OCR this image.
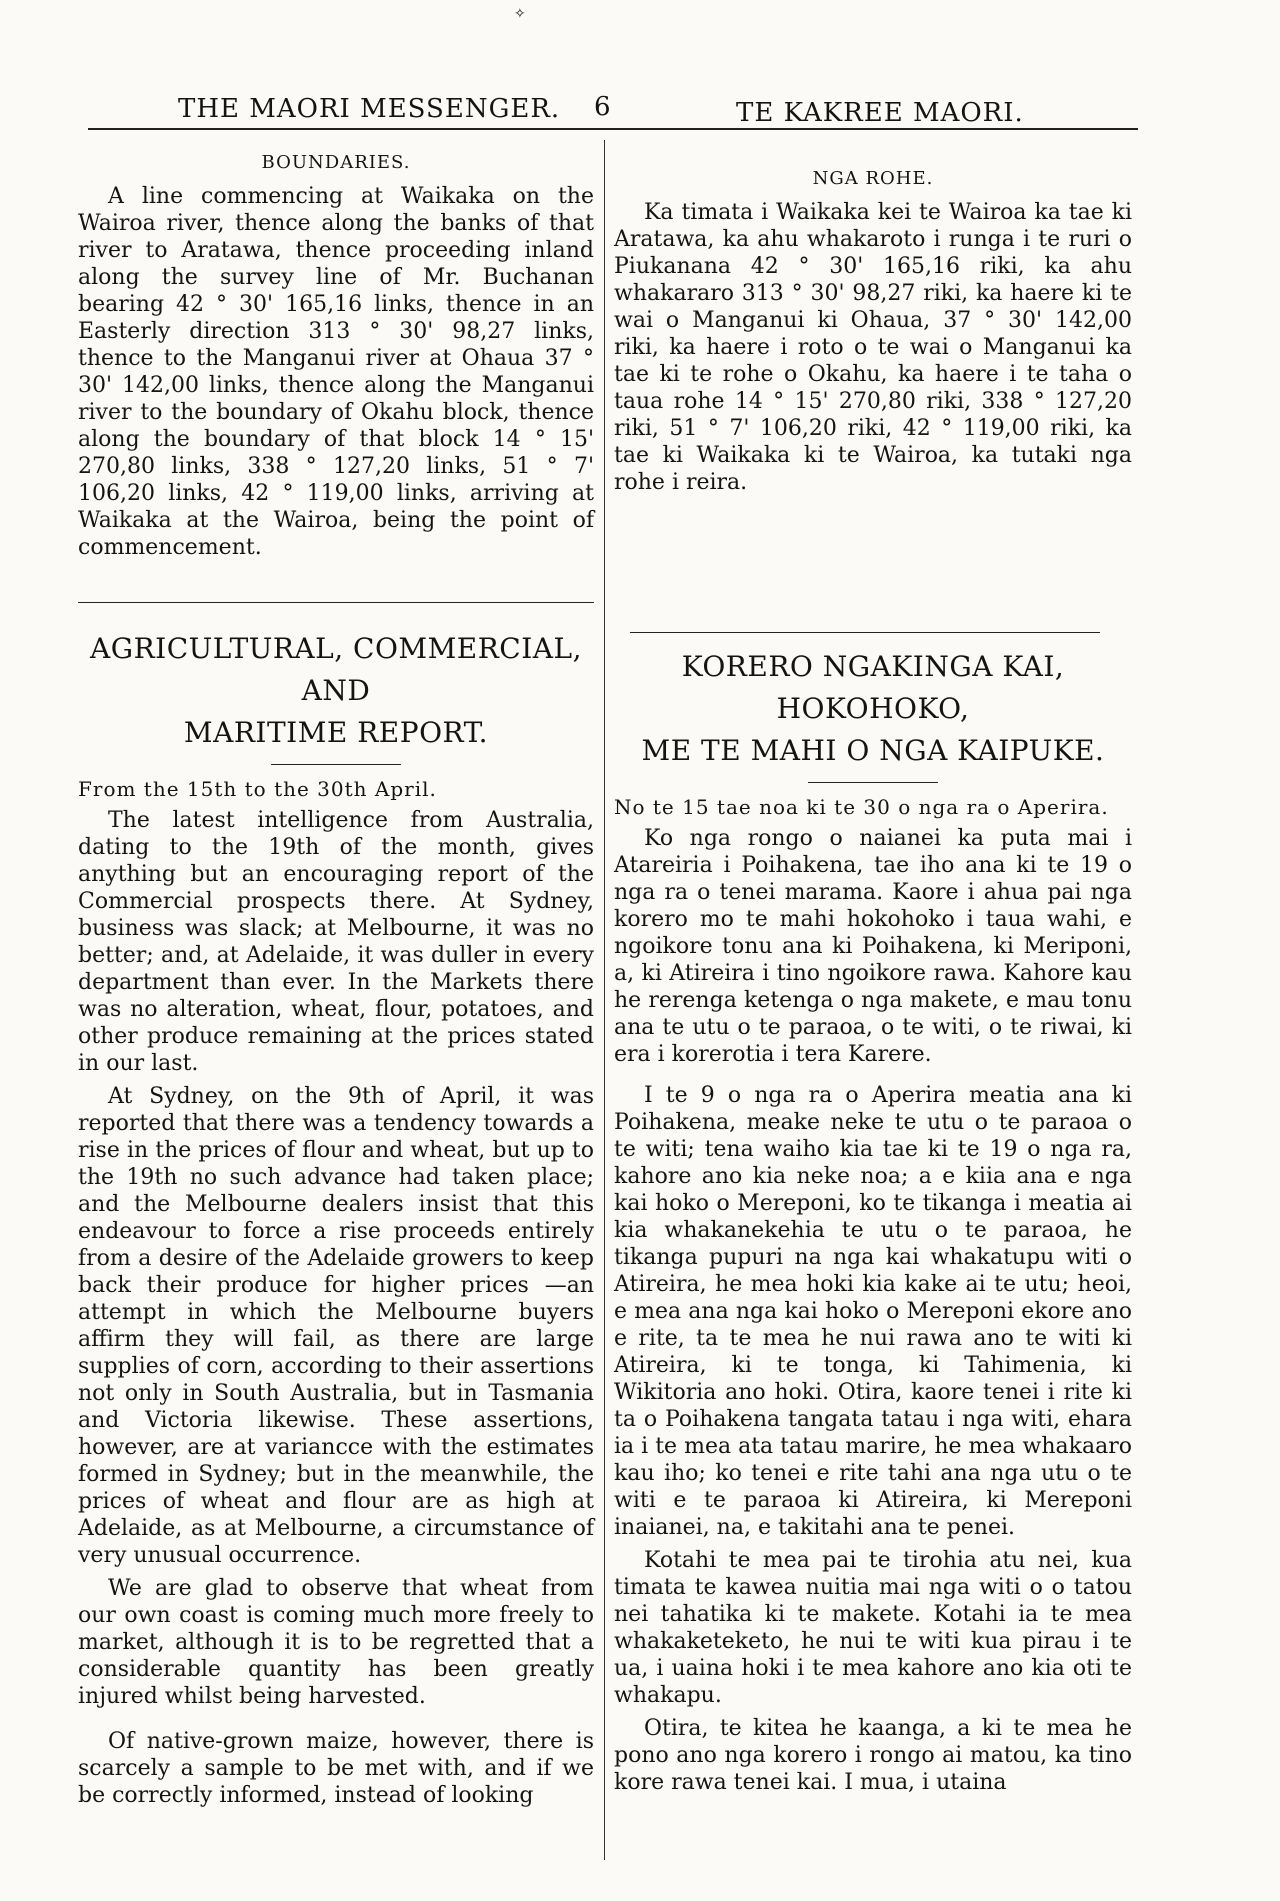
✧
THE MAORI MESSENGER. 6	TE KAKREE MAORI.
BOUNDARIES.

A line commencing at Waikaka on the Wairoa river, thence along the banks of that river to Aratawa, thence proceeding inland along the survey line of Mr. Buchanan bearing 42 ° 30' 165,16 links, thence in an Easterly direction 313 ° 30' 98,27 links, thence to the Manganui river at Ohaua 37 ° 30' 142,00 links, thence along the Manganui river to the boundary of Okahu block, thence along the boundary of that block 14 ° 15' 270,80 links, 338 ° 127,20 links, 51 ° 7' 106,20 links, 42 ° 119,00 links, arriving at Waikaka at the Wairoa, being the point of commencement.

AGRICULTURAL, COMMERCIAL, AND
MARITIME REPORT.
From the 15th to the 30th April.

The latest intelligence from Australia, dating to the 19th of the month, gives anything but an encouraging report of the Commercial prospects there. At Sydney, business was slack; at Melbourne, it was no better; and, at Adelaide, it was duller in every department than ever. In the Markets there was no alteration, wheat, flour, potatoes, and other produce remaining at the prices stated in our last.

At Sydney, on the 9th of April, it was reported that there was a tendency towards a rise in the prices of flour and wheat, but up to the 19th no such advance had taken place; and the Melbourne dealers insist that this endeavour to force a rise proceeds entirely from a desire of the Adelaide growers to keep back their produce for higher prices —an attempt in which the Melbourne buyers affirm they will fail, as there are large supplies of corn, according to their assertions not only in South Australia, but in Tasmania and Victoria likewise. These assertions, however, are at variancce with the estimates formed in Sydney; but in the meanwhile, the prices of wheat and flour are as high at Adelaide, as at Melbourne, a circumstance of very unusual occurrence.

We are glad to observe that wheat from our own coast is coming much more freely to market, although it is to be regretted that a considerable quantity has been greatly injured whilst being harvested.

Of native-grown maize, however, there is scarcely a sample to be met with, and if we be correctly informed, instead of looking

NGA ROHE.

Ka timata i Waikaka kei te Wairoa ka tae ki Aratawa, ka ahu whakaroto i runga i te ruri o Piukanana 42 ° 30' 165,16 riki, ka ahu whakararo 313 ° 30' 98,27 riki, ka haere ki te wai o Manganui ki Ohaua, 37 ° 30' 142,00 riki, ka haere i roto o te wai o Manganui ka tae ki te rohe o Okahu, ka haere i te taha o taua rohe 14 ° 15' 270,80 riki, 338 ° 127,20 riki, 51 ° 7' 106,20 riki, 42 ° 119,00 riki, ka tae ki Waikaka ki te Wairoa, ka tutaki nga rohe i reira.

KORERO NGAKINGA KAI, HOKOHOKO,
ME TE MAHI O NGA KAIPUKE.
No te 15 tae noa ki te 30 o nga ra o Aperira.

Ko nga rongo o naianei ka puta mai i Atareiria i Poihakena, tae iho ana ki te 19 o nga ra o tenei marama. Kaore i ahua pai nga korero mo te mahi hokohoko i taua wahi, e ngoikore tonu ana ki Poihakena, ki Meriponi, a, ki Atireira i tino ngoikore rawa. Kahore kau he rerenga ketenga o nga makete, e mau tonu ana te utu o te paraoa, o te witi, o te riwai, ki era i korerotia i tera Karere.

I te 9 o nga ra o Aperira meatia ana ki Poihakena, meake neke te utu o te paraoa o te witi; tena waiho kia tae ki te 19 o nga ra, kahore ano kia neke noa; a e kiia ana e nga kai hoko o Mereponi, ko te tikanga i meatia ai kia whakanekehia te utu o te paraoa, he tikanga pupuri na nga kai whakatupu witi o Atireira, he mea hoki kia kake ai te utu; heoi, e mea ana nga kai hoko o Mereponi ekore ano e rite, ta te mea he nui rawa ano te witi ki Atireira, ki te tonga, ki Tahimenia, ki Wikitoria ano hoki. Otira, kaore tenei i rite ki ta o Poihakena tangata tatau i nga witi, ehara ia i te mea ata tatau marire, he mea whakaaro kau iho; ko tenei e rite tahi ana nga utu o te witi e te paraoa ki Atireira, ki Mereponi inaianei, na, e takitahi ana te penei.

Kotahi te mea pai te tirohia atu nei, kua timata te kawea nuitia mai nga witi o o tatou nei tahatika ki te makete. Kotahi ia te mea whakaketeketo, he nui te witi kua pirau i te ua, i uaina hoki i te mea kahore ano kia oti te whakapu.

Otira, te kitea he kaanga, a ki te mea he pono ano nga korero i rongo ai matou, ka tino kore rawa tenei kai. I mua, i utaina
